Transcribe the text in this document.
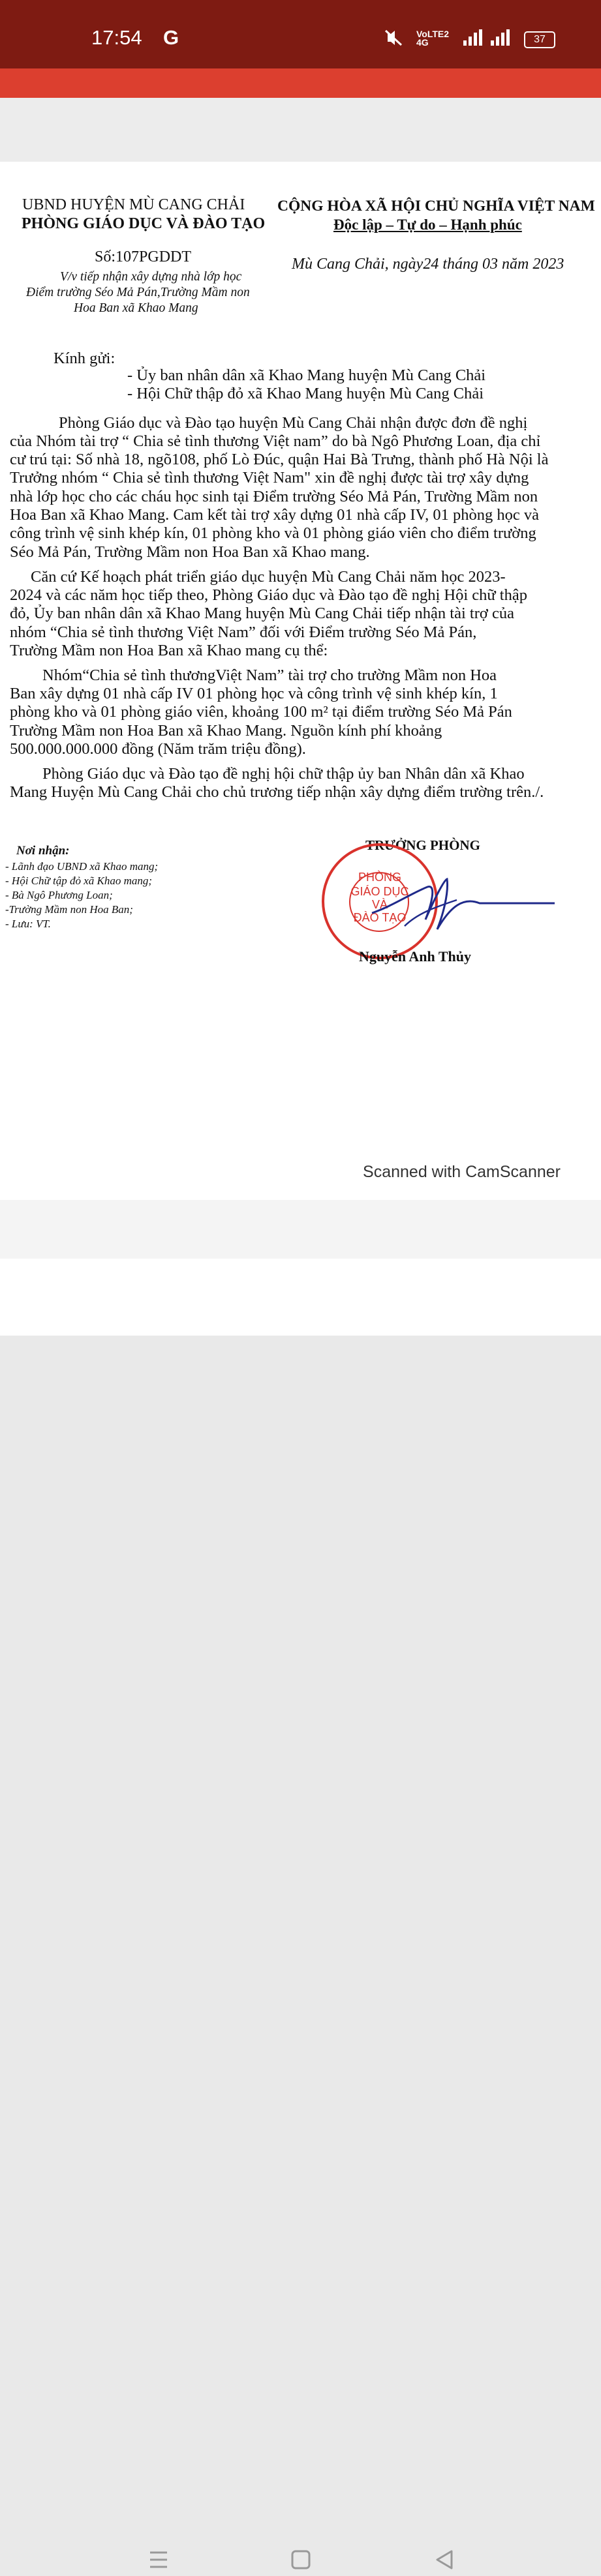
17:54 G	VoLTE2 4G	37
UBND HUYỆN MÙ CANG CHẢI
PHÒNG GIÁO DỤC VÀ ĐÀO TẠO
CỘNG HÒA XÃ HỘI CHỦ NGHĨA VIỆT NAM
Độc lập – Tự do – Hạnh phúc
Số:107PGDDT
V/v tiếp nhận xây dựng nhà lớp học
Điểm trường Séo Mả Pán,Trường Mầm non
Hoa Ban xã Khao Mang
Mù Cang Chải, ngày24 tháng 03 năm 2023
Kính gửi:
- Ủy ban nhân dân xã Khao Mang huyện Mù Cang Chải
- Hội Chữ thập đỏ xã Khao Mang huyện Mù Cang Chải
Phòng Giáo dục và Đào tạo huyện Mù Cang Chải nhận được đơn đề nghị
của Nhóm tài trợ “ Chia sẻ tình thương Việt nam” do bà Ngô Phương Loan, địa chỉ
cư trú tại: Số nhà 18, ngõ108, phố Lò Đúc, quận Hai Bà Trưng, thành phố Hà Nội là
Trưởng nhóm “ Chia sẻ tình thương Việt Nam" xin đề nghị được tài trợ xây dựng
nhà lớp học cho các cháu học sinh tại Điểm trường Séo Mả Pán, Trường Mầm non
Hoa Ban xã Khao Mang. Cam kết tài trợ xây dựng 01 nhà cấp IV, 01 phòng học và
công trình vệ sinh khép kín, 01 phòng kho và 01 phòng giáo viên cho điểm trường
Séo Mả Pán, Trường Mầm non Hoa Ban xã Khao mang.
Căn cứ Kế hoạch phát triển giáo dục huyện Mù Cang Chải năm học 2023-
2024 và các năm học tiếp theo, Phòng Giáo dục và Đào tạo đề nghị Hội chữ thập
đỏ, Ủy ban nhân dân xã Khao Mang huyện Mù Cang Chải tiếp nhận tài trợ của
nhóm “Chia sẻ tình thương Việt Nam” đối với Điểm trường Séo Mả Pán,
Trường Mầm non Hoa Ban xã Khao mang cụ thể:
Nhóm“Chia sẻ tình thươngViệt Nam” tài trợ cho trường Mầm non Hoa
Ban xây dựng 01 nhà cấp IV 01 phòng học và công trình vệ sinh khép kín, 1
phòng kho và 01 phòng giáo viên, khoảng 100 m² tại điểm trường Séo Mả Pán
Trường Mầm non Hoa Ban xã Khao Mang. Nguồn kính phí khoảng
500.000.000.000 đồng (Năm trăm triệu đồng).
Phòng Giáo dục và Đào tạo đề nghị hội chữ thập ủy ban Nhân dân xã Khao
Mang Huyện Mù Cang Chải cho chủ trương tiếp nhận xây dựng điểm trường trên./.
Nơi nhận:
- Lãnh đạo UBND xã Khao mang;
- Hội Chữ tập đỏ xã Khao mang;
- Bà Ngô Phương Loan;
-Trường Mầm non Hoa Ban;
- Lưu: VT.
TRƯỞNG PHÒNG
PHÒNG
GIÁO DỤC
VÀ
ĐÀO TẠO
Nguyễn Anh Thủy
Scanned with CamScanner
